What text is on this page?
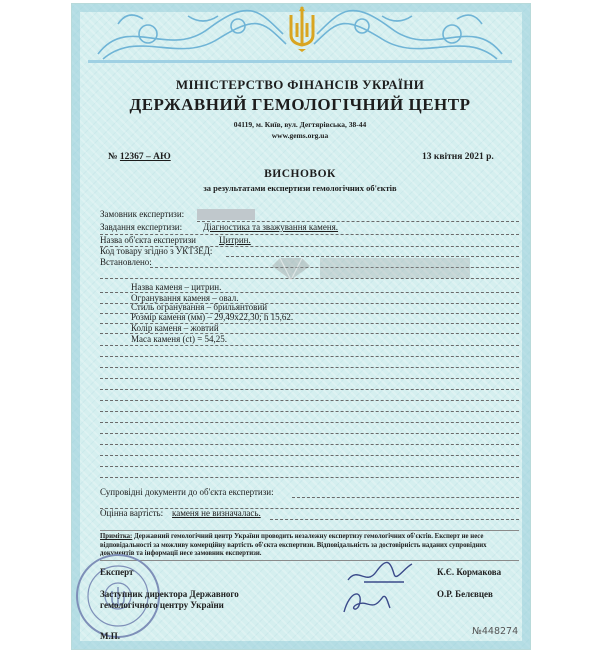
МІНІСТЕРСТВО ФІНАНСІВ УКРАЇНИ
ДЕРЖАВНИЙ ГЕМОЛОГІЧНИЙ ЦЕНТР
04119, м. Київ, вул. Дегтярівська, 38-44
www.gems.org.ua
№ 12367 – АЮ	13 квітня 2021 р.
ВИСНОВОК
за результатами експертизи гемологічних об'єктів
Замовник експертизи:
Завдання експертизи: Діагностика та зважування каменя.
Назва об'єкта експертизи	Цитрин.
Код товару згідно з УКТЗЕД:
Встановлено:
Назва каменя – цитрин.
Огранування каменя – овал.
Стиль огранування – брильянтовий
Розмір каменя (мм) – 29,49x22,30; h 15,62.
Колір каменя – жовтий
Маса каменя (ct) = 54,25.
Супровідні документи до об'єкта експертизи:
Оцінна вартість: каменя не визначалась.
Примітка: Державний гемологічний центр України проводить незалежну експертизу гемологічних об'єктів. Експерт не несе відповідальності за можливу комерційну вартість об'єкта експертизи. Відповідальність за достовірність наданих супровідних документів та інформації несе замовник експертизи.
Експерт	К.Є. Кормакова
Заступник директора Державного
гемологічного центру України
О.Р. Белєвцев
М.П.	№448274
